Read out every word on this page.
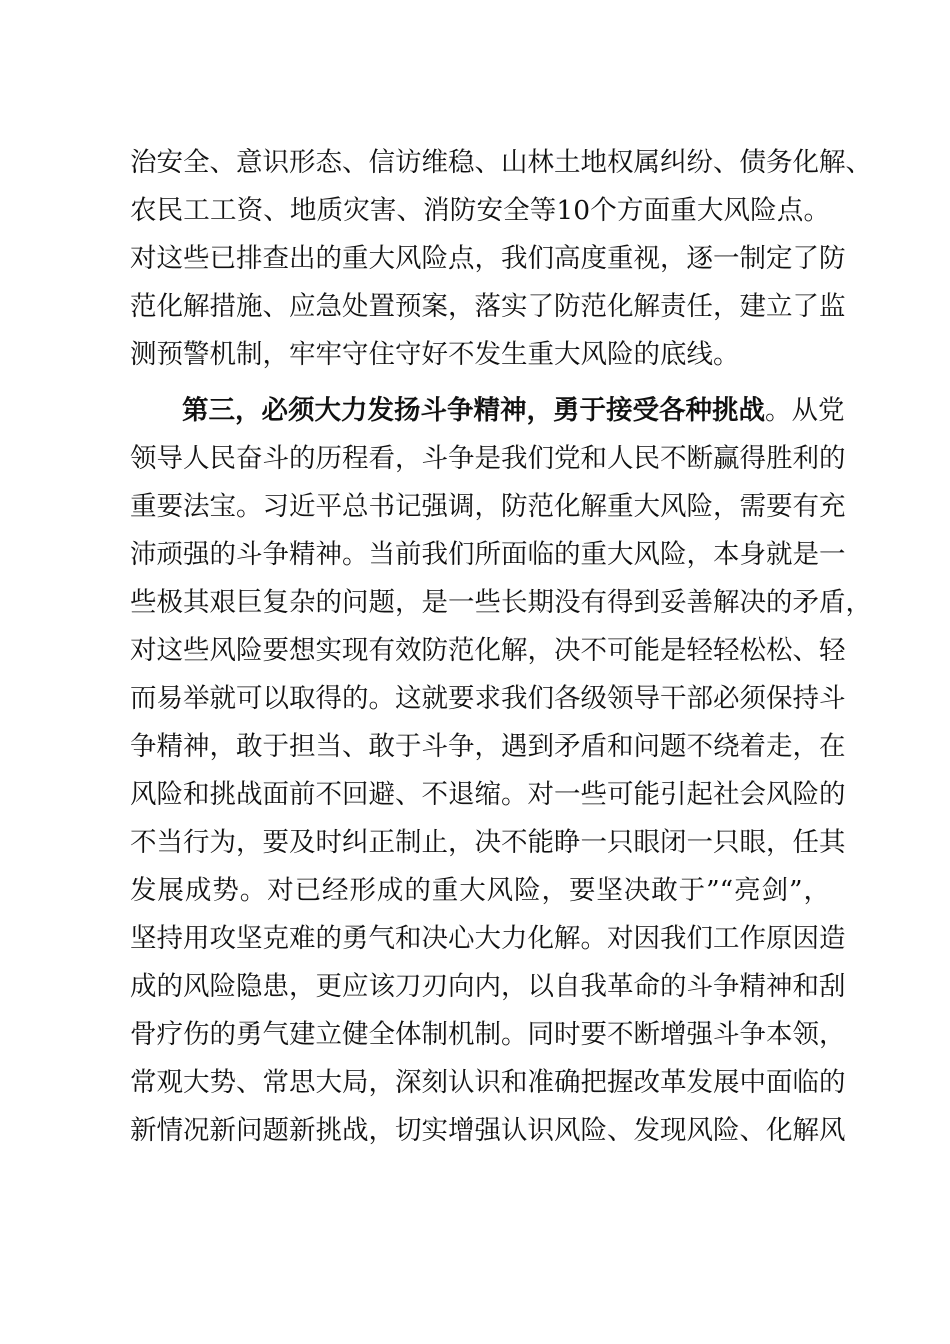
治安全、意识形态、信访维稳、山林土地权属纠纷、债务化解、
农民工工资、地质灾害、消防安全等10个方面重大风险点。
对这些已排查出的重大风险点，我们高度重视，逐一制定了防
范化解措施、应急处置预案，落实了防范化解责任，建立了监
测预警机制，牢牢守住守好不发生重大风险的底线。
第三，必须大力发扬斗争精神，勇于接受各种挑战。从党
领导人民奋斗的历程看，斗争是我们党和人民不断赢得胜利的
重要法宝。习近平总书记强调，防范化解重大风险，需要有充
沛顽强的斗争精神。当前我们所面临的重大风险，本身就是一
些极其艰巨复杂的问题，是一些长期没有得到妥善解决的矛盾，
对这些风险要想实现有效防范化解，决不可能是轻轻松松、轻
而易举就可以取得的。这就要求我们各级领导干部必须保持斗
争精神，敢于担当、敢于斗争，遇到矛盾和问题不绕着走，在
风险和挑战面前不回避、不退缩。对一些可能引起社会风险的
不当行为，要及时纠正制止，决不能睁一只眼闭一只眼，任其
发展成势。对已经形成的重大风险，要坚决敢于”“亮剑”，
坚持用攻坚克难的勇气和决心大力化解。对因我们工作原因造
成的风险隐患，更应该刀刃向内，以自我革命的斗争精神和刮
骨疗伤的勇气建立健全体制机制。同时要不断增强斗争本领，
常观大势、常思大局，深刻认识和准确把握改革发展中面临的
新情况新问题新挑战，切实增强认识风险、发现风险、化解风
